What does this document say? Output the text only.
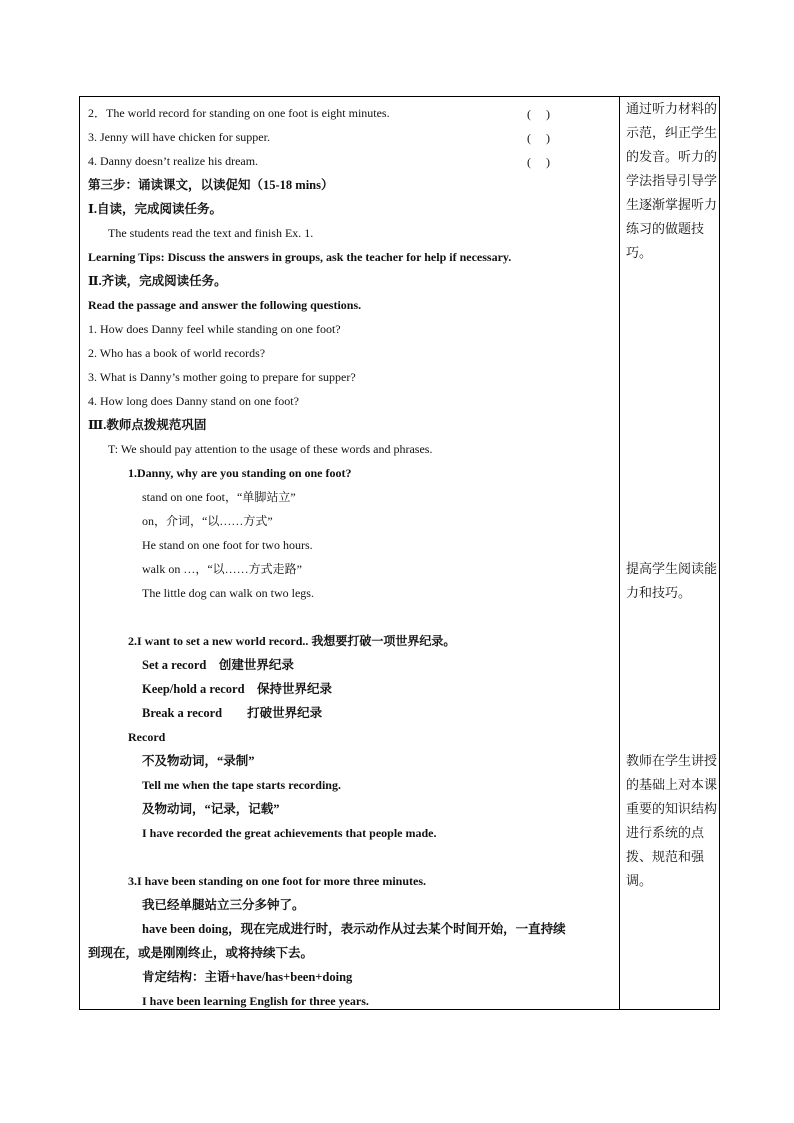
2．The world record for standing on one foot is eight minutes.	(　 )
3. Jenny will have chicken for supper.	(　 )
4. Danny doesn’t realize his dream.	(　 )
第三步：诵读课文，以读促知（15-18 mins）
Ⅰ.自读，完成阅读任务。
The students read the text and finish Ex. 1.
Learning Tips: Discuss the answers in groups, ask the teacher for help if necessary.
Ⅱ.齐读，完成阅读任务。
Read the passage and answer the following questions.
1. How does Danny feel while standing on one foot?
2. Who has a book of world records?
3. What is Danny’s mother going to prepare for supper?
4. How long does Danny stand on one foot?
Ⅲ.教师点拨规范巩固
T: We should pay attention to the usage of these words and phrases.
1.Danny, why are you standing on one foot?
stand on one foot，“单脚站立”
on，介词，“以……方式”
He stand on one foot for two hours.
walk on …，“以……方式走路”
The little dog can walk on two legs.
2.I want to set a new world record.. 我想要打破一项世界纪录。
Set a record　创建世界纪录
Keep/hold a record　保持世界纪录
Break a record　　打破世界纪录
Record
不及物动词，“录制”
Tell me when the tape starts recording.
及物动词，“记录，记载”
I have recorded the great achievements that people made.
3.I have been standing on one foot for more three minutes.
我已经单腿站立三分多钟了。
have been doing，现在完成进行时，表示动作从过去某个时间开始，一直持续
到现在，或是刚刚终止，或将持续下去。
肯定结构：主语+have/has+been+doing
I have been learning English for three years.
通过听力材料的示范，纠正学生的发音。听力的学法指导引导学生逐渐掌握听力练习的做题技巧。
提高学生阅读能力和技巧。
教师在学生讲授的基础上对本课重要的知识结构进行系统的点拨、规范和强调。
